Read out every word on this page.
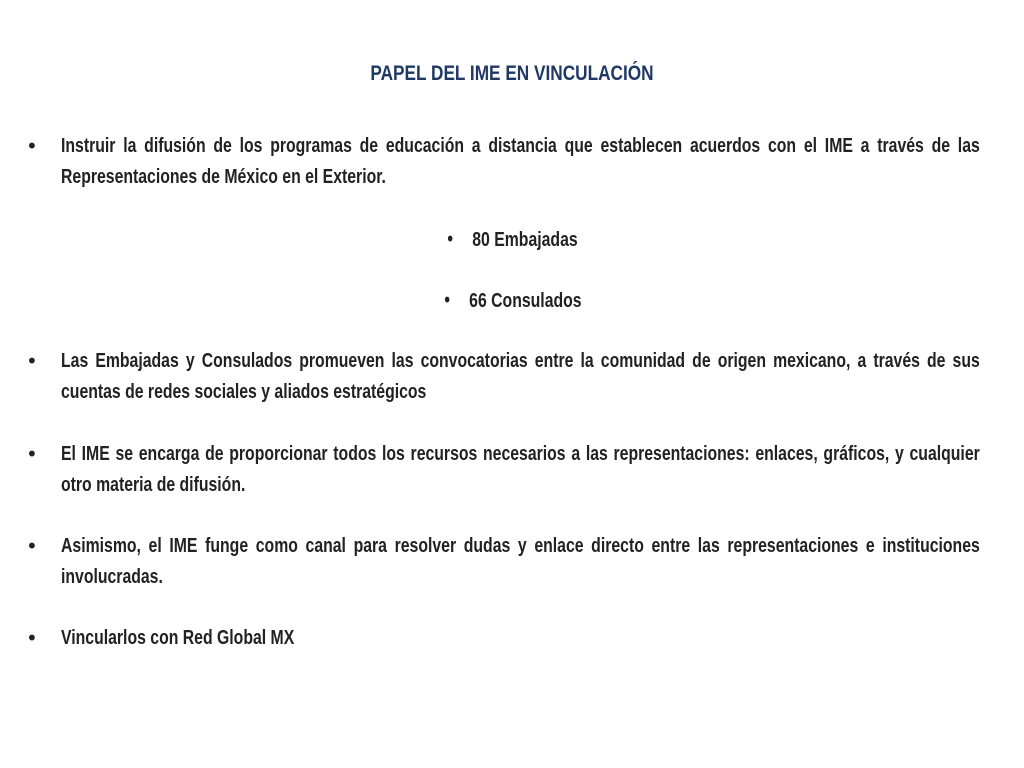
PAPEL DEL IME EN VINCULACIÓN
• Instruir la difusión de los programas de educación a distancia que establecen acuerdos con el IME a través de las Representaciones de México en el Exterior.
• 80 Embajadas
• 66 Consulados
• Las Embajadas y Consulados promueven las convocatorias entre la comunidad de origen mexicano, a través de sus cuentas de redes sociales y aliados estratégicos
• El IME se encarga de proporcionar todos los recursos necesarios a las representaciones: enlaces, gráficos, y cualquier otro materia de difusión.
• Asimismo, el IME funge como canal para resolver dudas y enlace directo entre las representaciones e instituciones involucradas.
• Vincularlos con Red Global MX
